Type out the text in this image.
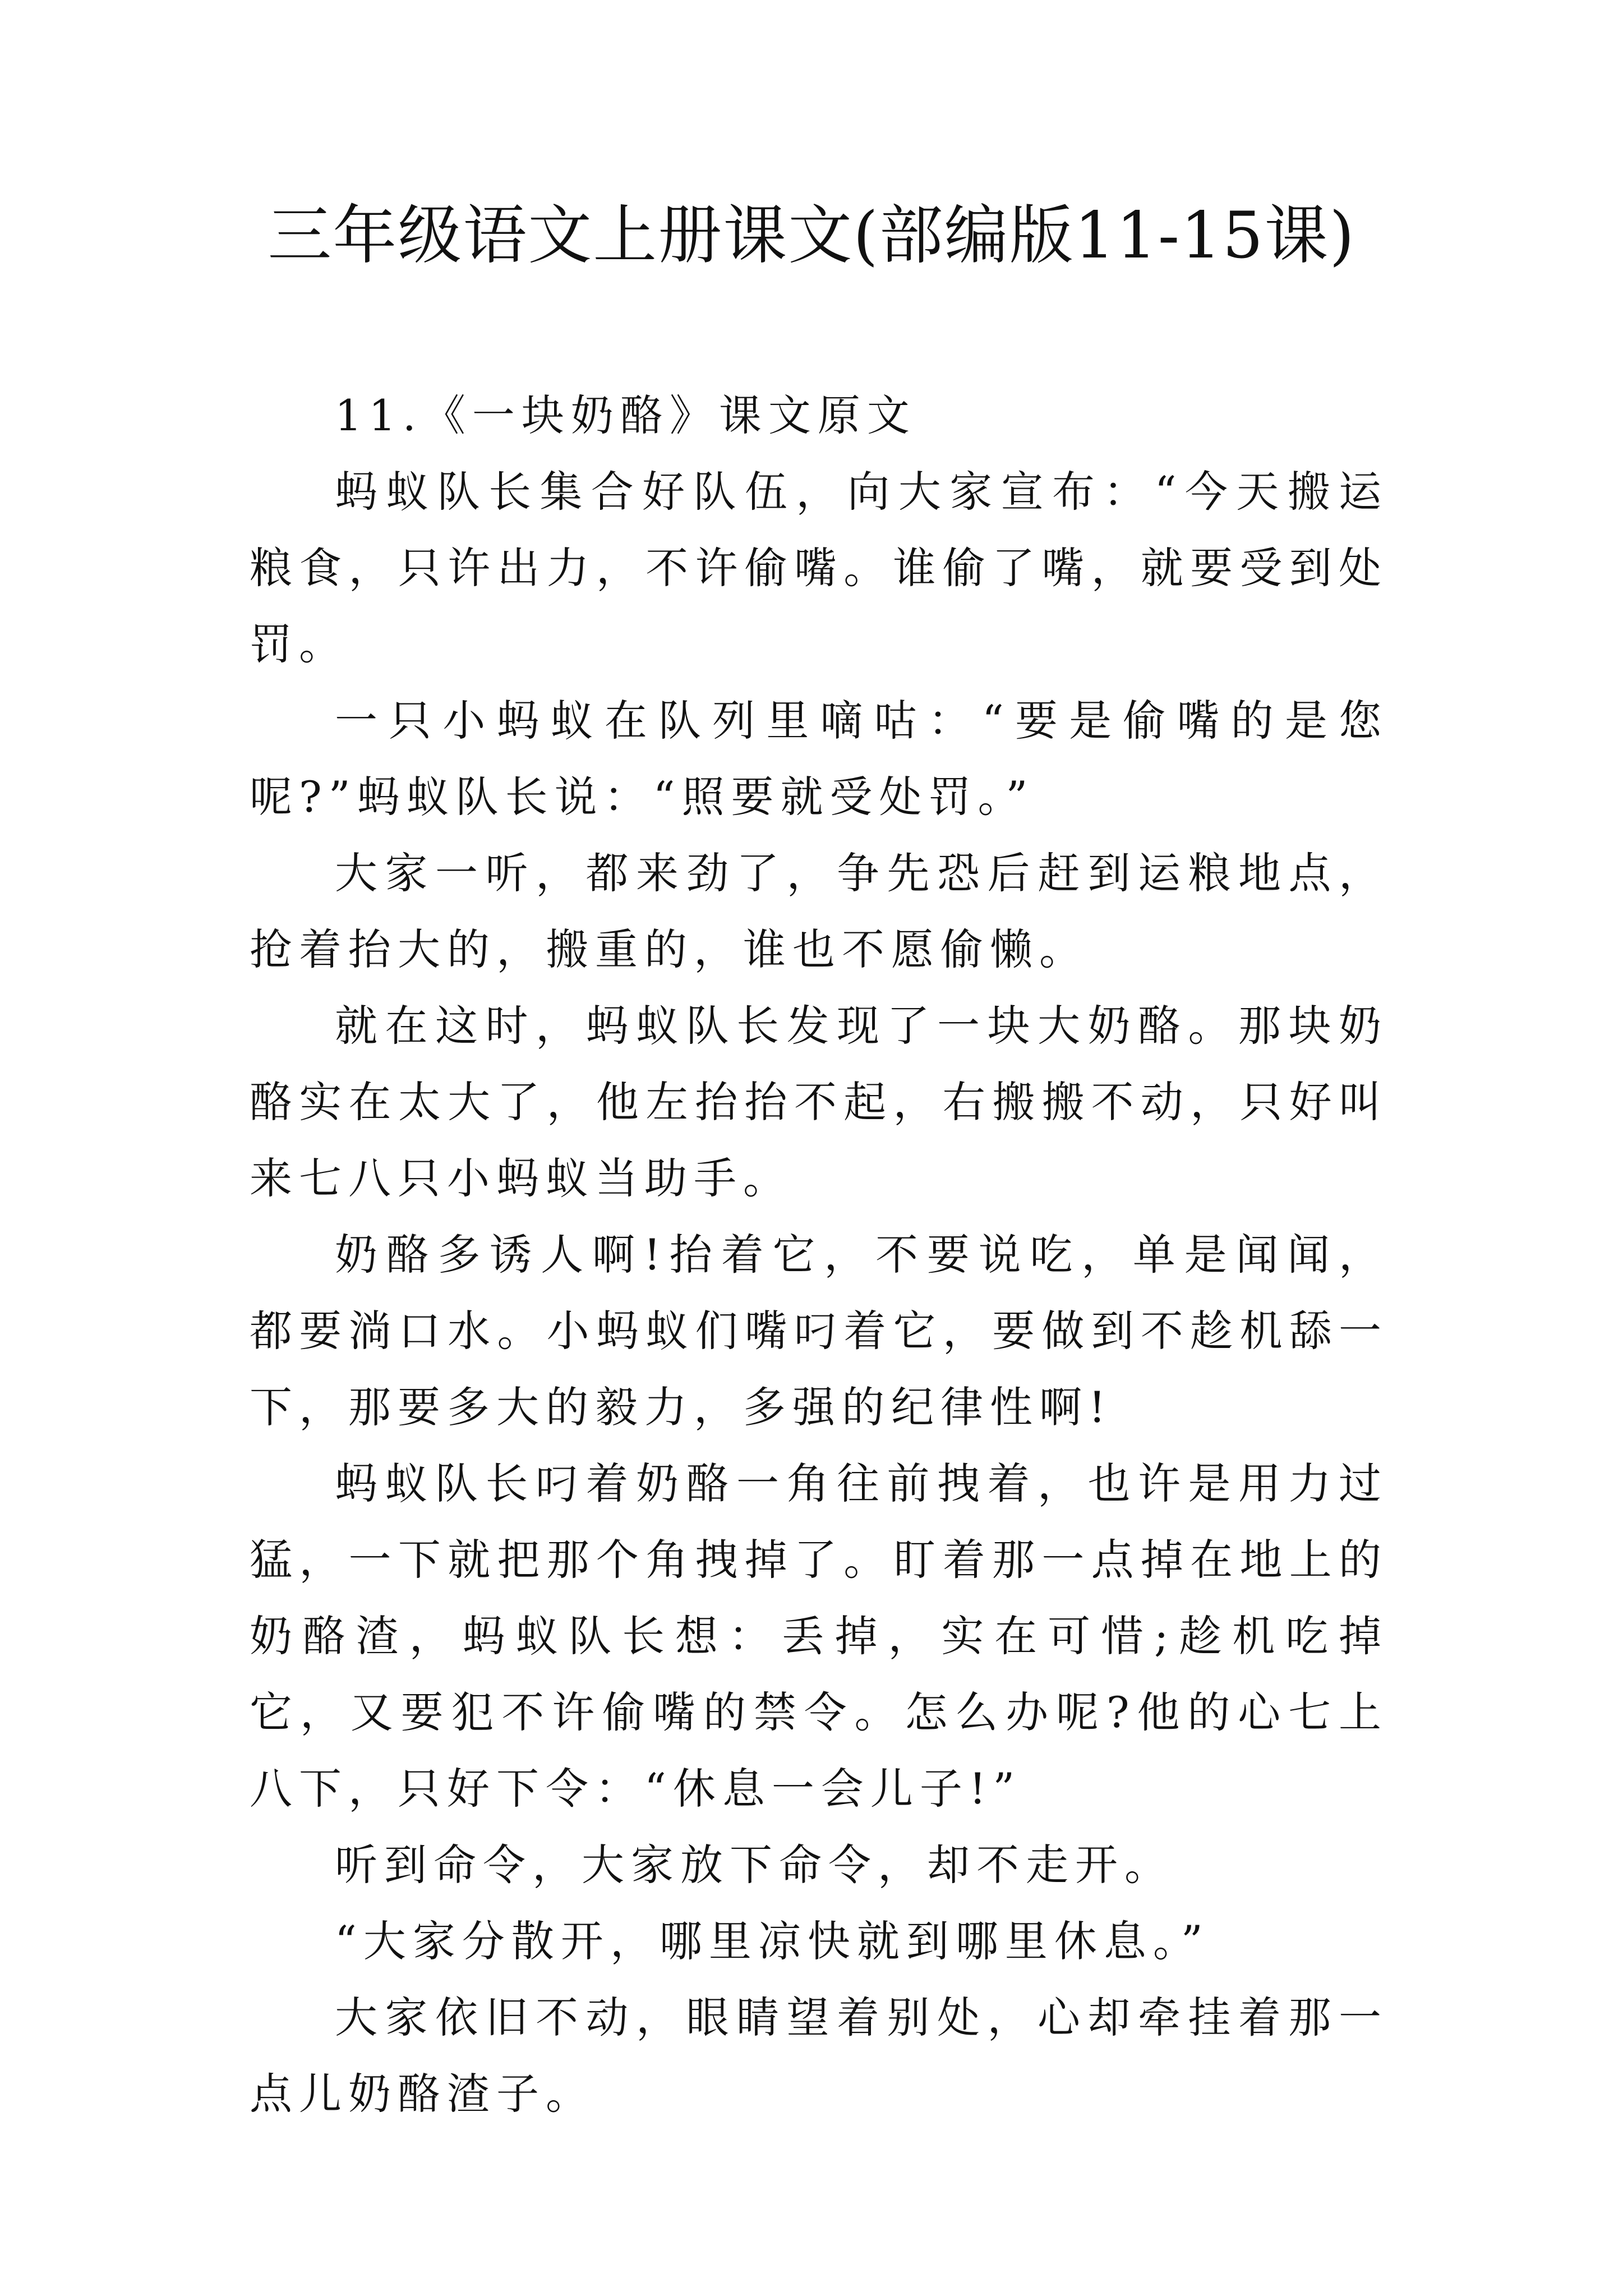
三年级语文上册课文(部编版11-15课)

11.《一块奶酪》课文原文

蚂蚁队长集合好队伍，向大家宣布：“今天搬运粮食，只许出力，不许偷嘴。谁偷了嘴，就要受到处罚。

一只小蚂蚁在队列里嘀咕：“要是偷嘴的是您呢?”蚂蚁队长说：“照要就受处罚。”

大家一听，都来劲了，争先恐后赶到运粮地点，抢着抬大的，搬重的，谁也不愿偷懒。

就在这时，蚂蚁队长发现了一块大奶酪。那块奶酪实在太大了，他左抬抬不起，右搬搬不动，只好叫来七八只小蚂蚁当助手。

奶酪多诱人啊!抬着它，不要说吃，单是闻闻，都要淌口水。小蚂蚁们嘴叼着它，要做到不趁机舔一下，那要多大的毅力，多强的纪律性啊!

蚂蚁队长叼着奶酪一角往前拽着，也许是用力过猛，一下就把那个角拽掉了。盯着那一点掉在地上的奶酪渣，蚂蚁队长想：丢掉，实在可惜;趁机吃掉它，又要犯不许偷嘴的禁令。怎么办呢?他的心七上八下，只好下令：“休息一会儿子!”

听到命令，大家放下命令，却不走开。

“大家分散开，哪里凉快就到哪里休息。”

大家依旧不动，眼睛望着别处，心却牵挂着那一点儿奶酪渣子。
